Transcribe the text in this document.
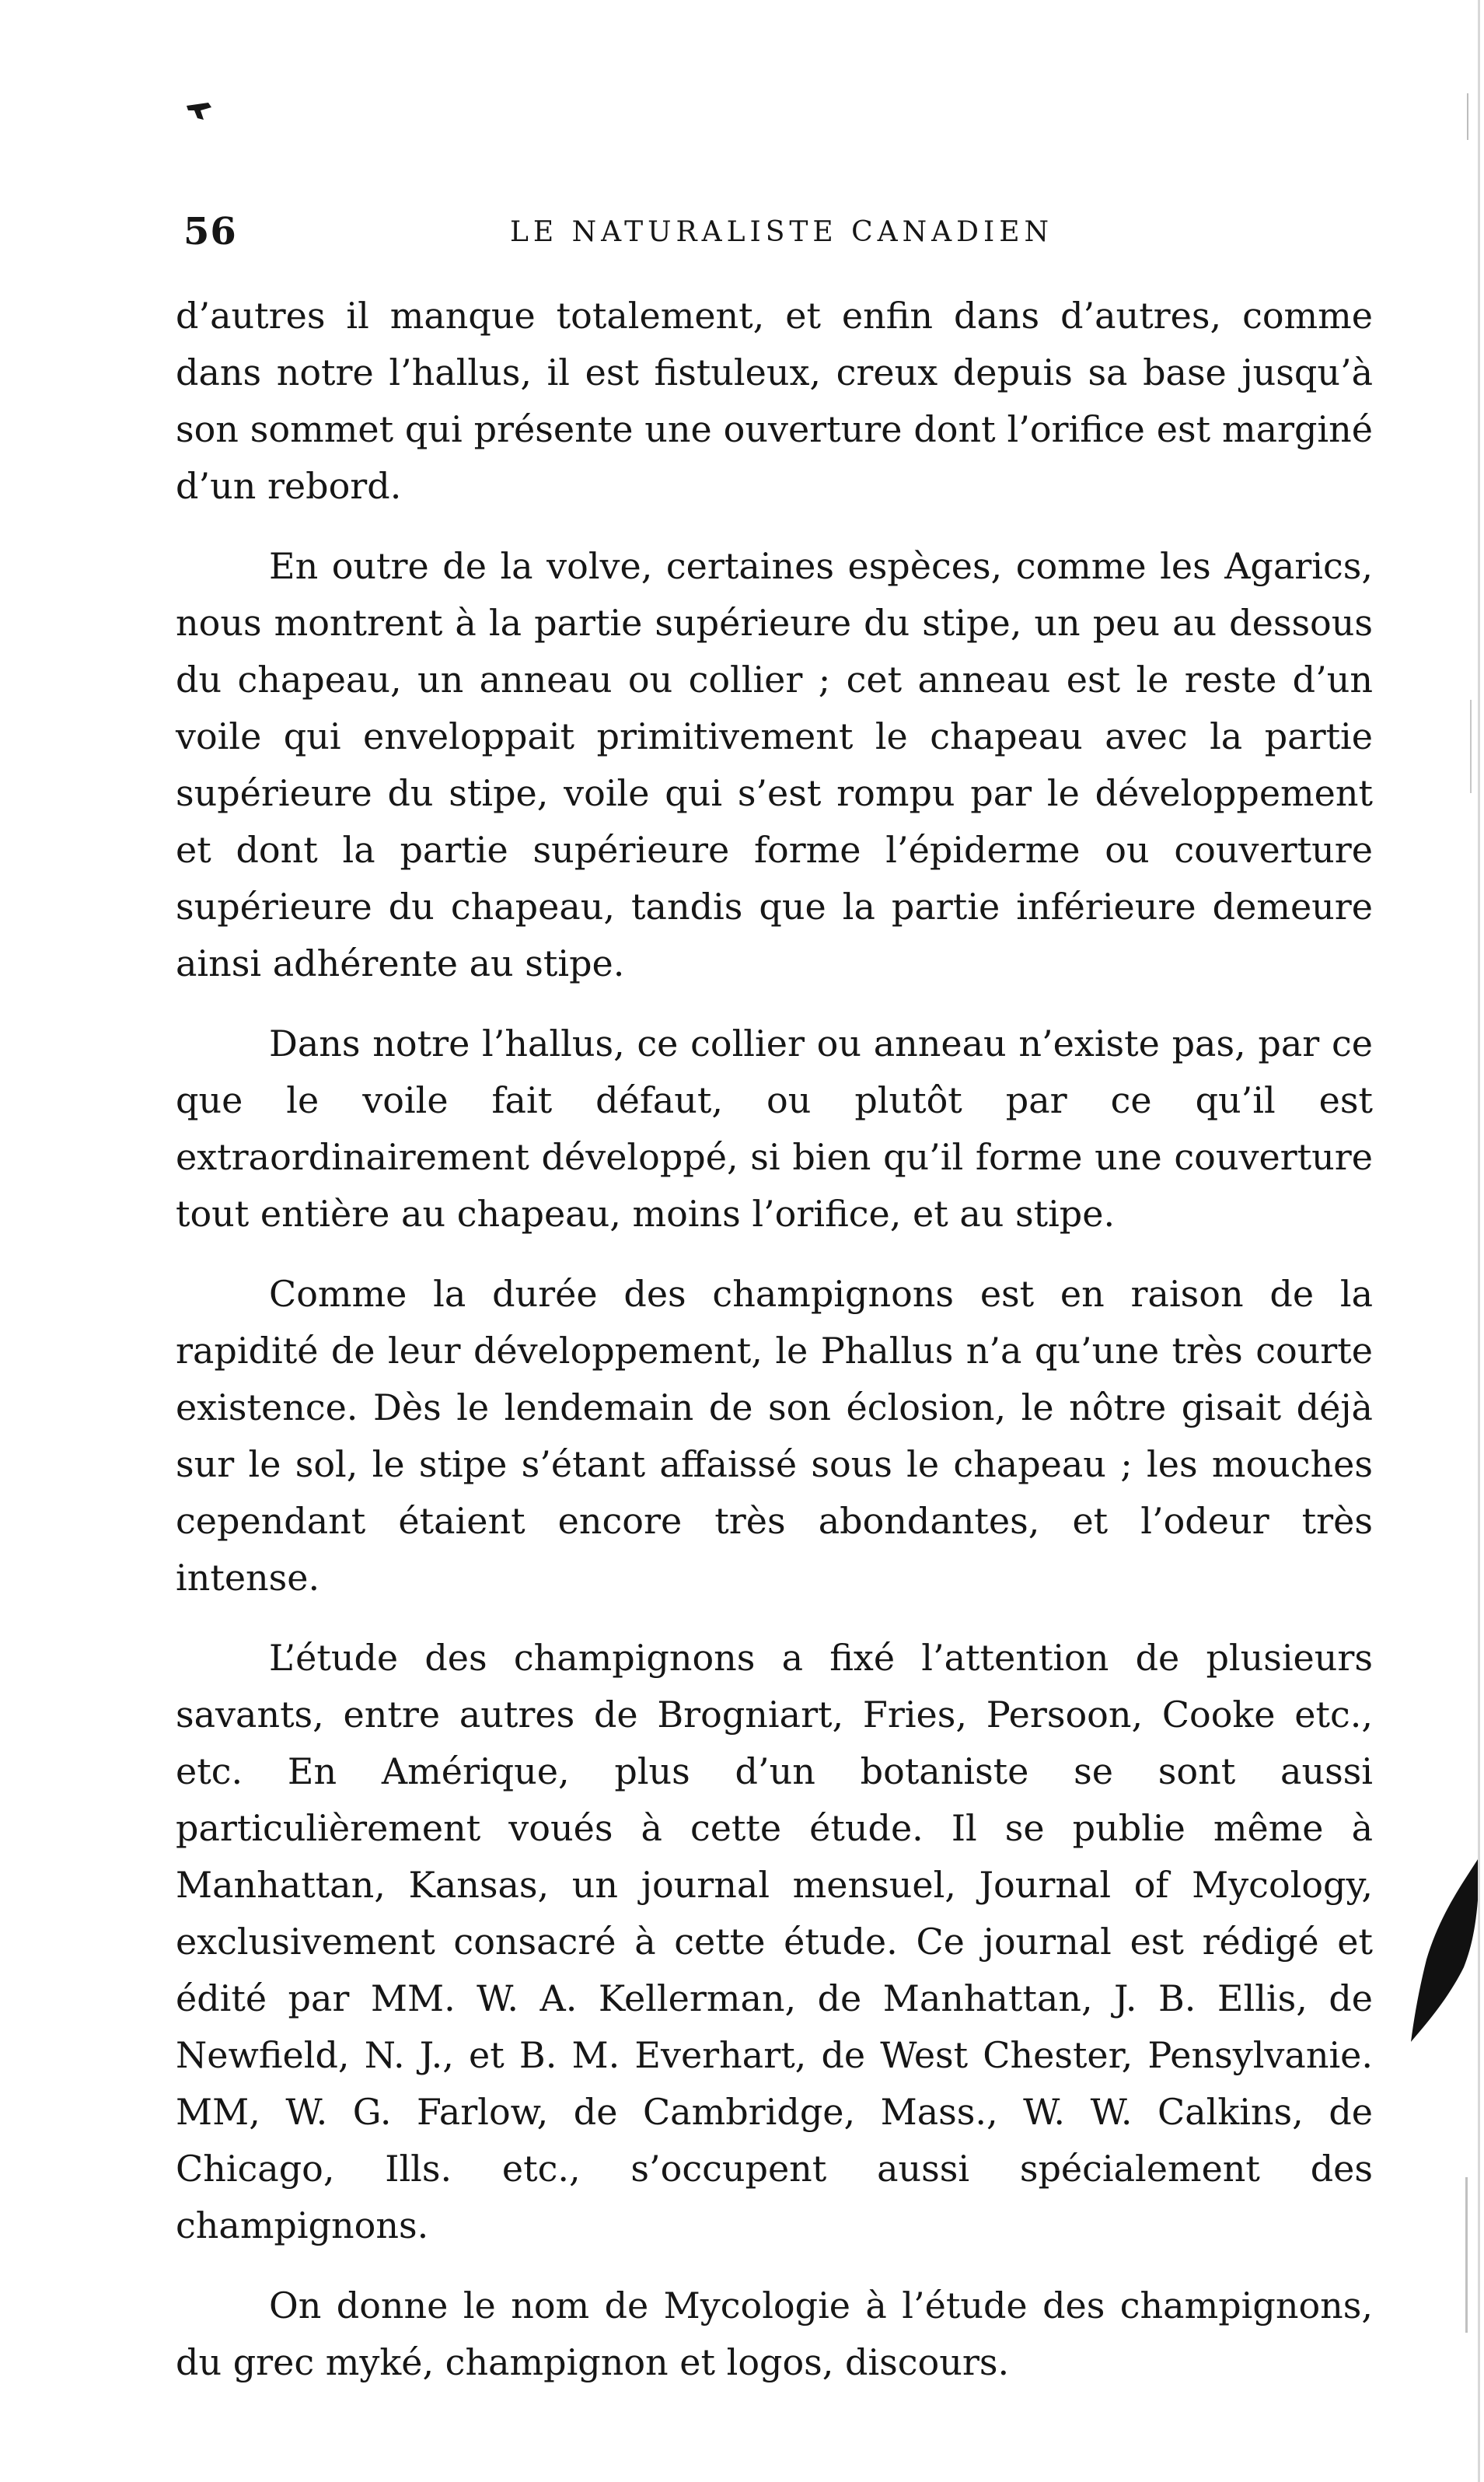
56	LE NATURALISTE CANADIEN

d’autres il manque totalement, et enfin dans d’autres, comme dans notre l’hallus, il est fistuleux, creux depuis sa base jusqu’à son sommet qui présente une ouverture dont l’orifice est marginé d’un rebord.

En outre de la volve, certaines espèces, comme les Agarics, nous montrent à la partie supérieure du stipe, un peu au dessous du chapeau, un anneau ou collier ; cet anneau est le reste d’un voile qui enveloppait primitivement le chapeau avec la partie supérieure du stipe, voile qui s’est rompu par le développement et dont la partie supérieure forme l’épiderme ou couverture supérieure du chapeau, tandis que la partie inférieure demeure ainsi adhérente au stipe.

Dans notre l’hallus, ce collier ou anneau n’existe pas, par ce que le voile fait défaut, ou plutôt par ce qu’il est extraordinairement développé, si bien qu’il forme une couverture tout entière au chapeau, moins l’orifice, et au stipe.

Comme la durée des champignons est en raison de la rapidité de leur développement, le Phallus n’a qu’une très courte existence. Dès le lendemain de son éclosion, le nôtre gisait déjà sur le sol, le stipe s’étant affaissé sous le chapeau ; les mouches cependant étaient encore très abondantes, et l’odeur très intense.

L’étude des champignons a fixé l’attention de plusieurs savants, entre autres de Brogniart, Fries, Persoon, Cooke etc., etc. En Amérique, plus d’un botaniste se sont aussi particulièrement voués à cette étude. Il se publie même à Manhattan, Kansas, un journal mensuel, Journal of Mycology, exclusivement consacré à cette étude. Ce journal est rédigé et édité par MM. W. A. Kellerman, de Manhattan, J. B. Ellis, de Newfield, N. J., et B. M. Everhart, de West Chester, Pensylvanie. MM, W. G. Farlow, de Cambridge, Mass., W. W. Calkins, de Chicago, Ills. etc., s’occupent aussi spécialement des champignons.

On donne le nom de Mycologie à l’étude des champignons, du grec myké, champignon et logos, discours.
